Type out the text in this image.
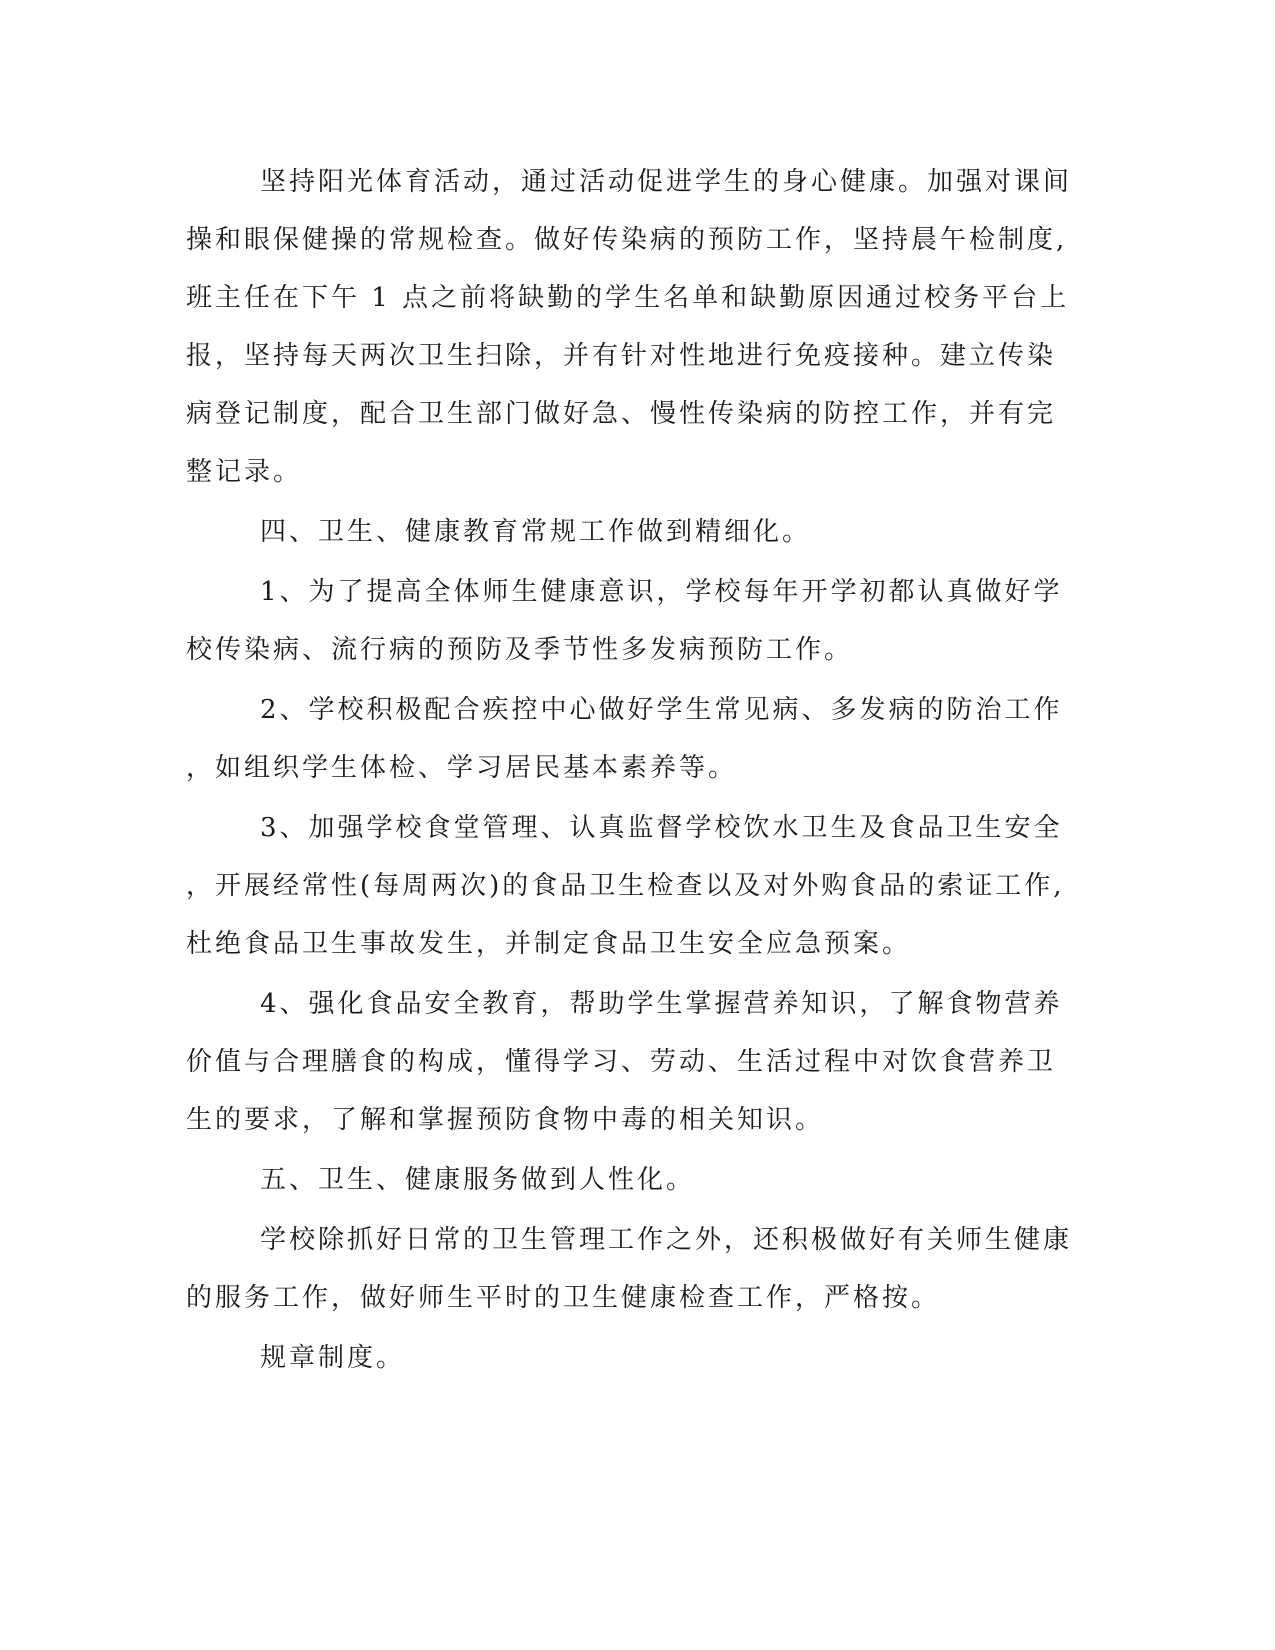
坚持阳光体育活动，通过活动促进学生的身心健康。加强对课间
操和眼保健操的常规检查。做好传染病的预防工作，坚持晨午检制度,
班主任在下午 1 点之前将缺勤的学生名单和缺勤原因通过校务平台上
报，坚持每天两次卫生扫除，并有针对性地进行免疫接种。建立传染
病登记制度，配合卫生部门做好急、慢性传染病的防控工作，并有完
整记录。
四、卫生、健康教育常规工作做到精细化。
1、为了提高全体师生健康意识，学校每年开学初都认真做好学
校传染病、流行病的预防及季节性多发病预防工作。
2、学校积极配合疾控中心做好学生常见病、多发病的防治工作
，如组织学生体检、学习居民基本素养等。
3、加强学校食堂管理、认真监督学校饮水卫生及食品卫生安全
，开展经常性(每周两次)的食品卫生检查以及对外购食品的索证工作,
杜绝食品卫生事故发生，并制定食品卫生安全应急预案。
4、强化食品安全教育，帮助学生掌握营养知识，了解食物营养
价值与合理膳食的构成，懂得学习、劳动、生活过程中对饮食营养卫
生的要求，了解和掌握预防食物中毒的相关知识。
五、卫生、健康服务做到人性化。
学校除抓好日常的卫生管理工作之外，还积极做好有关师生健康
的服务工作，做好师生平时的卫生健康检查工作，严格按。
规章制度。
